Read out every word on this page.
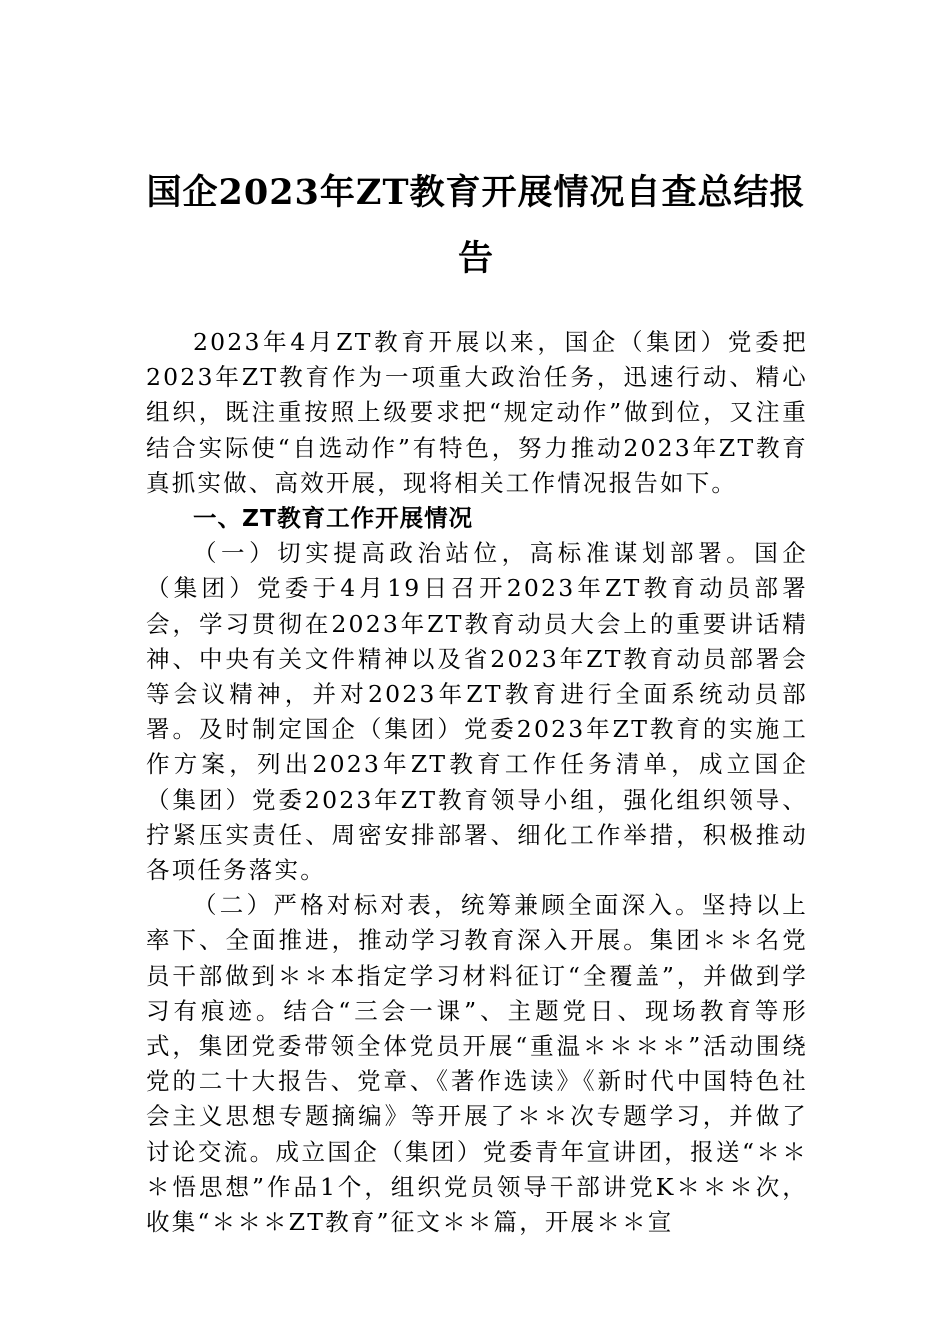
国企2023年ZT教育开展情况自查总结报告

2023年4月ZT教育开展以来，国企（集团）党委把2023年ZT教育作为一项重大政治任务，迅速行动、精心组织，既注重按照上级要求把“规定动作”做到位，又注重结合实际使“自选动作”有特色，努力推动2023年ZT教育真抓实做、高效开展，现将相关工作情况报告如下。

一、ZT教育工作开展情况

（一）切实提高政治站位，高标准谋划部署。国企（集团）党委于4月19日召开2023年ZT教育动员部署会，学习贯彻在2023年ZT教育动员大会上的重要讲话精神、中央有关文件精神以及省2023年ZT教育动员部署会等会议精神，并对2023年ZT教育进行全面系统动员部署。及时制定国企（集团）党委2023年ZT教育的实施工作方案，列出2023年ZT教育工作任务清单，成立国企（集团）党委2023年ZT教育领导小组，强化组织领导、拧紧压实责任、周密安排部署、细化工作举措，积极推动各项任务落实。

（二）严格对标对表，统筹兼顾全面深入。坚持以上率下、全面推进，推动学习教育深入开展。集团＊＊名党员干部做到＊＊本指定学习材料征订“全覆盖”，并做到学习有痕迹。结合“三会一课”、主题党日、现场教育等形式，集团党委带领全体党员开展“重温＊＊＊＊”活动围绕党的二十大报告、党章、《著作选读》《新时代中国特色社会主义思想专题摘编》等开展了＊＊次专题学习，并做了讨论交流。成立国企（集团）党委青年宣讲团，报送“＊＊＊悟思想”作品1个，组织党员领导干部讲党K＊＊＊次，收集“＊＊＊ZT教育”征文＊＊篇，开展＊＊宣
